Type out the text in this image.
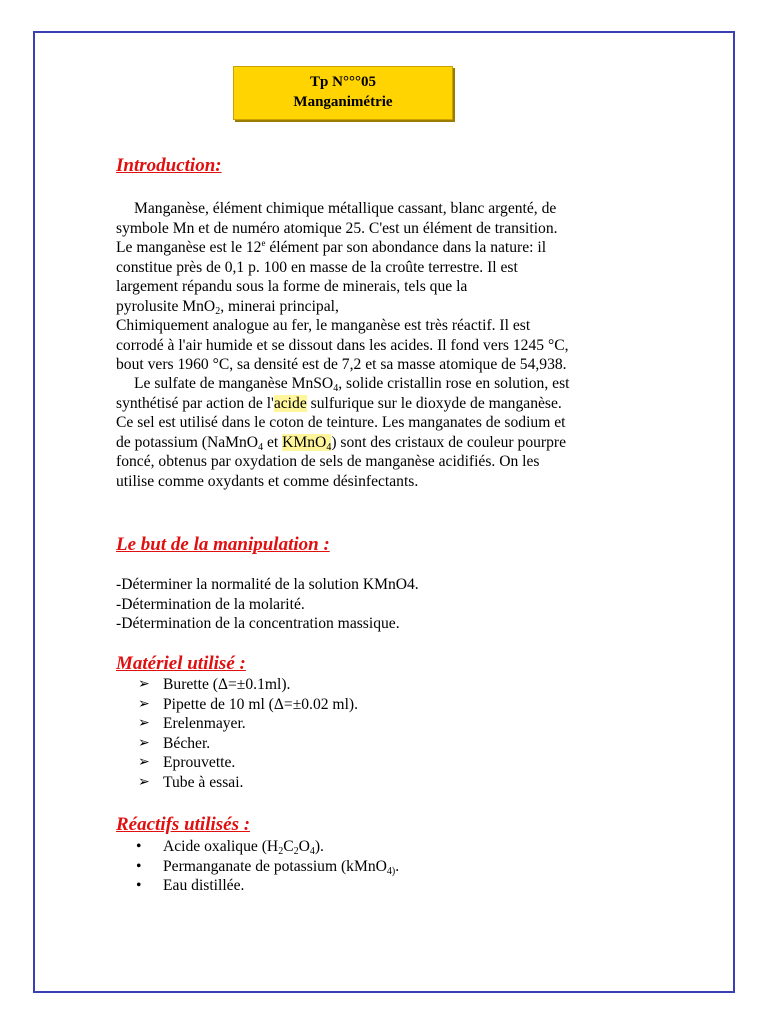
Tp N°°°05
Manganimétrie
Introduction:
Manganèse, élément chimique métallique cassant, blanc argenté, de
symbole Mn et de numéro atomique 25. C'est un élément de transition.
Le manganèse est le 12e élément par son abondance dans la nature: il
constitue près de 0,1 p. 100 en masse de la croûte terrestre. Il est
largement répandu sous la forme de minerais, tels que la
pyrolusite MnO$_2$, minerai principal,
Chimiquement analogue au fer, le manganèse est très réactif. Il est
corrodé à l'air humide et se dissout dans les acides. Il fond vers 1245 °C,
bout vers 1960 °C, sa densité est de 7,2 et sa masse atomique de 54,938.
Le sulfate de manganèse MnSO$_4$, solide cristallin rose en solution, est
synthétisé par action de l'acide sulfurique sur le dioxyde de manganèse.
Ce sel est utilisé dans le coton de teinture. Les manganates de sodium et
de potassium (NaMnO$_4$ et KMnO$_4$) sont des cristaux de couleur pourpre
foncé, obtenus par oxydation de sels de manganèse acidifiés. On les
utilise comme oxydants et comme désinfectants.
Le but de la manipulation :
-Déterminer la normalité de la solution KMnO4.
-Détermination de la molarité.
-Détermination de la concentration massique.
Matériel utilisé :
➢ Burette (Δ=±0.1ml).
➢ Pipette de 10 ml (Δ=±0.02 ml).
➢ Erelenmayer.
➢ Bécher.
➢ Eprouvette.
➢ Tube à essai.
Réactifs utilisés :
• Acide oxalique $(H_2C_2O_4)$.
• Permanganate de potassium (kMnO$_{4)}$.
• Eau distillée.
